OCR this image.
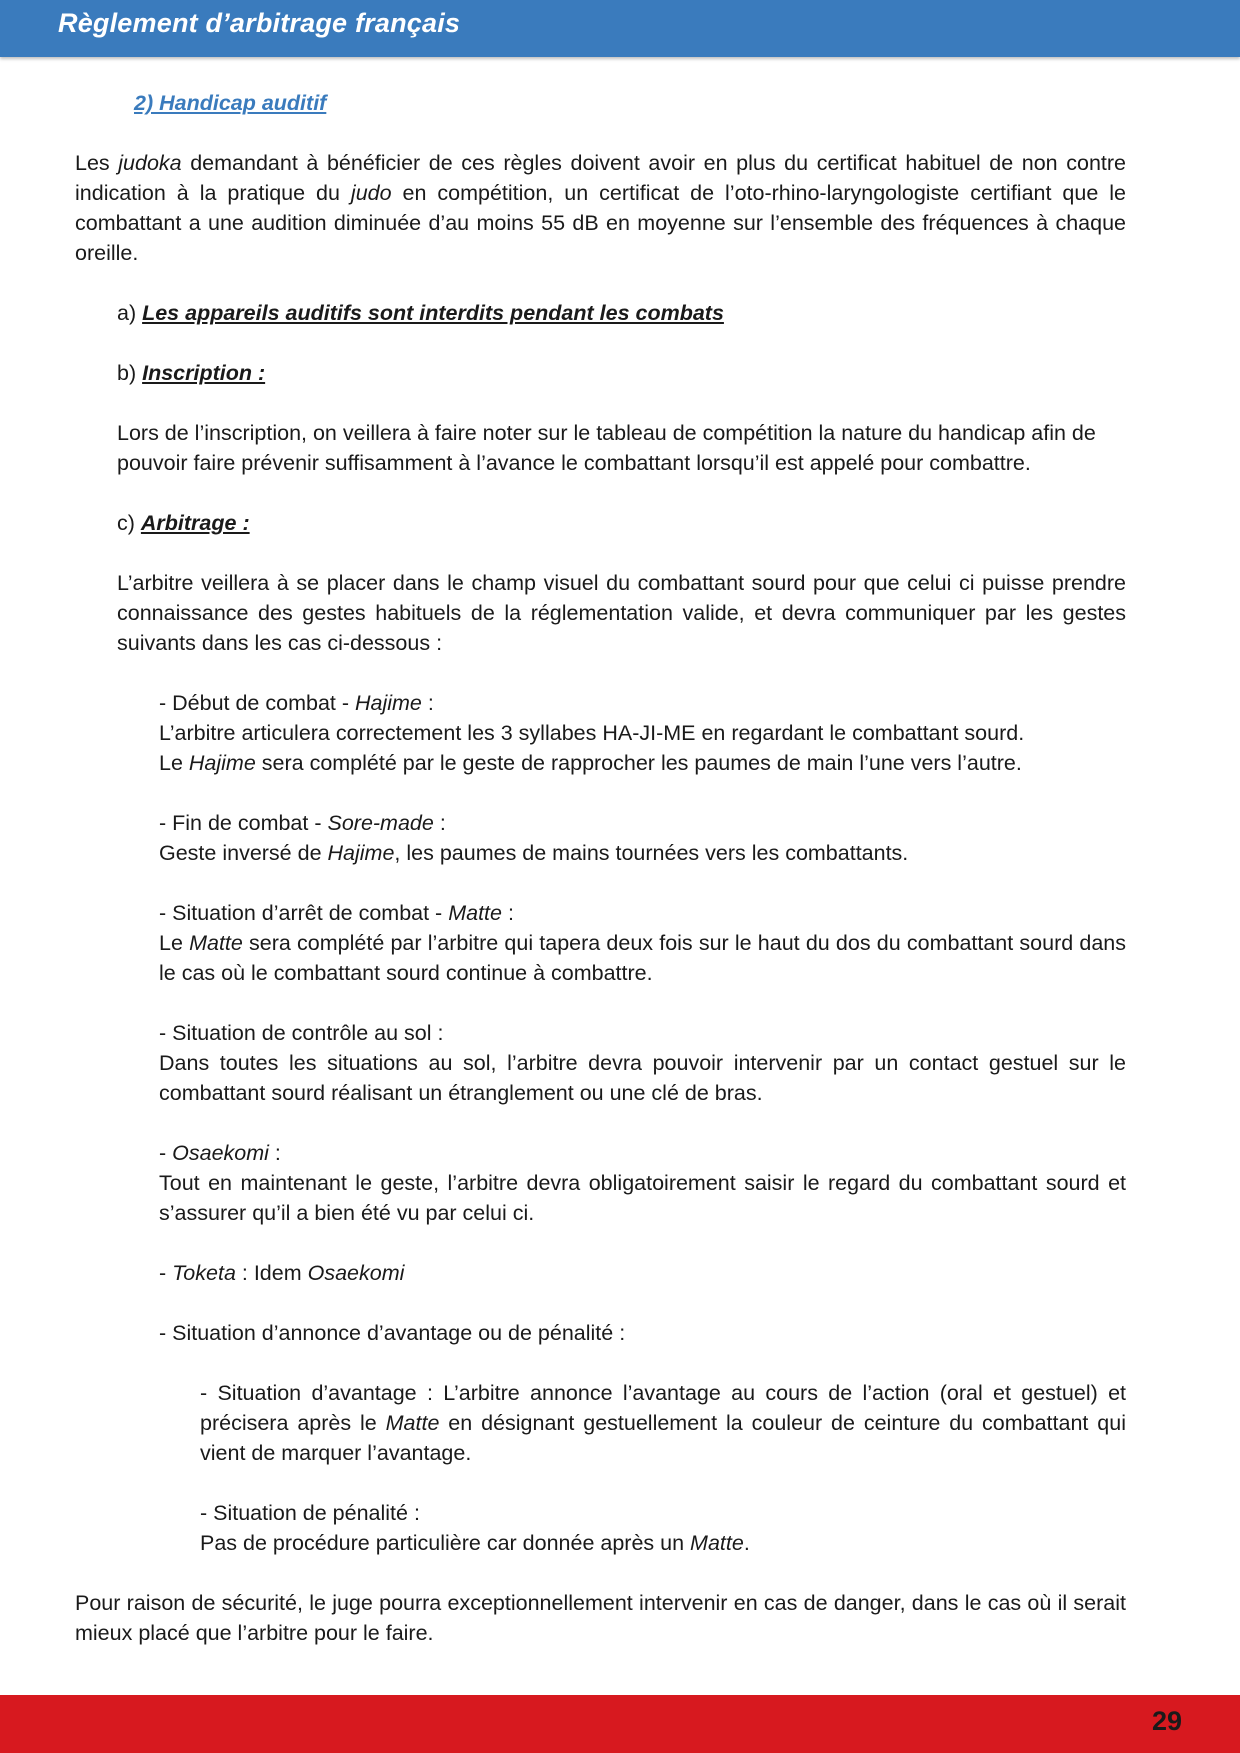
Règlement d’arbitrage français

2) Handicap auditif

Les judoka demandant à bénéficier de ces règles doivent avoir en plus du certificat habituel de non contre indication à la pratique du judo en compétition, un certificat de l’oto-rhino-laryngologiste certifiant que le combattant a une audition diminuée d’au moins 55 dB en moyenne sur l’ensemble des fréquences à chaque oreille.

a) Les appareils auditifs sont interdits pendant les combats

b) Inscription :

Lors de l’inscription, on veillera à faire noter sur le tableau de compétition la nature du handicap afin de pouvoir faire prévenir suffisamment à l’avance le combattant lorsqu’il est appelé pour combattre.

c) Arbitrage :

L’arbitre veillera à se placer dans le champ visuel du combattant sourd pour que celui ci puisse prendre connaissance des gestes habituels de la réglementation valide, et devra communiquer par les gestes suivants dans les cas ci-dessous :

- Début de combat - Hajime :

L’arbitre articulera correctement les 3 syllabes HA-JI-ME en regardant le combattant sourd.

Le Hajime sera complété par le geste de rapprocher les paumes de main l’une vers l’autre.

- Fin de combat - Sore-made :

Geste inversé de Hajime, les paumes de mains tournées vers les combattants.

- Situation d’arrêt de combat - Matte :

Le Matte sera complété par l’arbitre qui tapera deux fois sur le haut du dos du combattant sourd dans le cas où le combattant sourd continue à combattre.

- Situation de contrôle au sol :

Dans toutes les situations au sol, l’arbitre devra pouvoir intervenir par un contact gestuel sur le combattant sourd réalisant un étranglement ou une clé de bras.

- Osaekomi :

Tout en maintenant le geste, l’arbitre devra obligatoirement saisir le regard du combattant sourd et s’assurer qu’il a bien été vu par celui ci.

- Toketa : Idem Osaekomi

- Situation d’annonce d’avantage ou de pénalité :

- Situation d’avantage : L’arbitre annonce l’avantage au cours de l’action (oral et gestuel) et précisera après le Matte en désignant gestuellement la couleur de ceinture du combattant qui vient de marquer l’avantage.

- Situation de pénalité :

Pas de procédure particulière car donnée après un Matte.

Pour raison de sécurité, le juge pourra exceptionnellement intervenir en cas de danger, dans le cas où il serait mieux placé que l’arbitre pour le faire.

29
